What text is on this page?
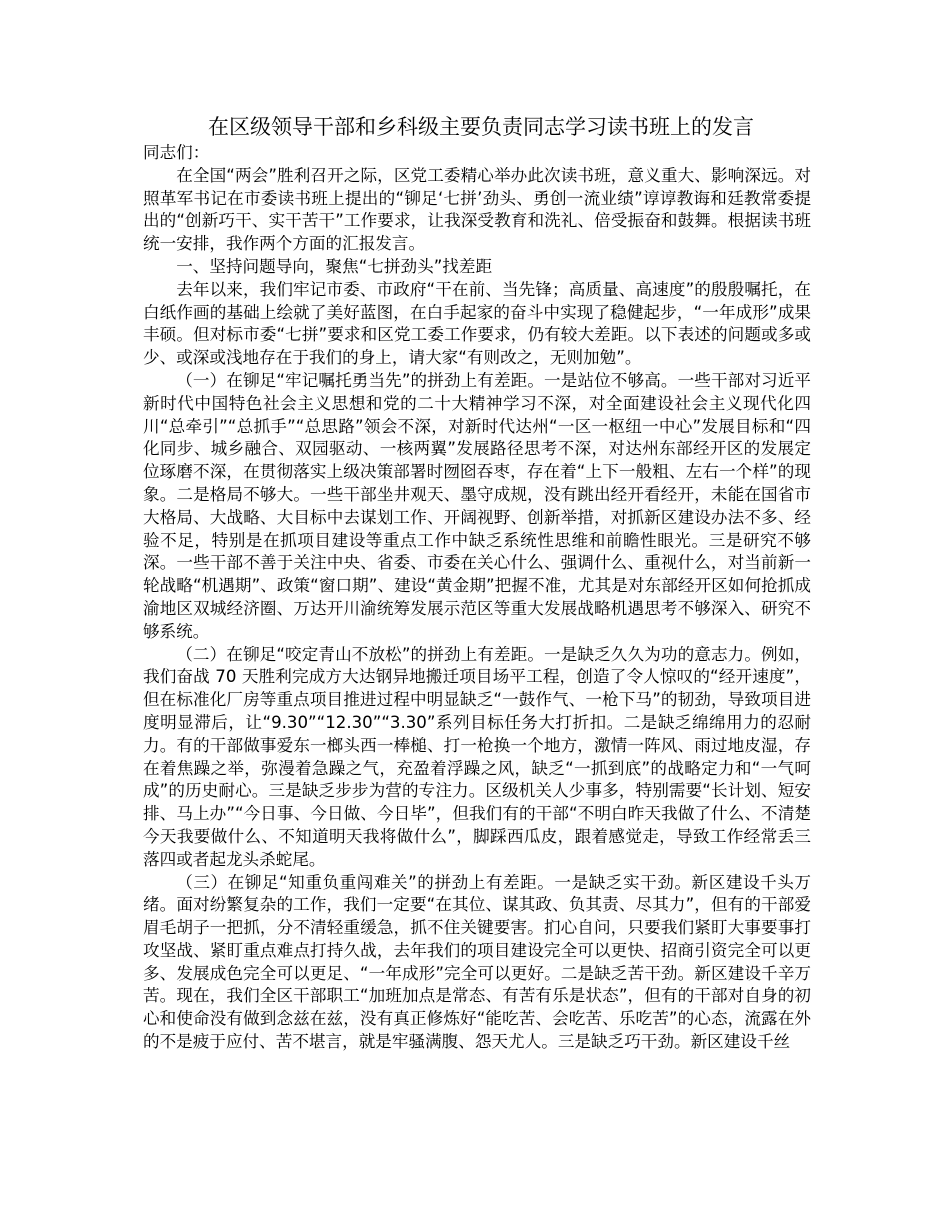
在区级领导干部和乡科级主要负责同志学习读书班上的发言

同志们：

在全国“两会”胜利召开之际，区党工委精心举办此次读书班，意义重大、影响深远。对照革军书记在市委读书班上提出的“铆足‘七拼’劲头、勇创一流业绩”谆谆教诲和廷教常委提出的“创新巧干、实干苦干”工作要求，让我深受教育和洗礼、倍受振奋和鼓舞。根据读书班统一安排，我作两个方面的汇报发言。

一、坚持问题导向，聚焦“七拼劲头”找差距

去年以来，我们牢记市委、市政府“干在前、当先锋；高质量、高速度”的殷殷嘱托，在白纸作画的基础上绘就了美好蓝图，在白手起家的奋斗中实现了稳健起步，“一年成形”成果丰硕。但对标市委“七拼”要求和区党工委工作要求，仍有较大差距。以下表述的问题或多或少、或深或浅地存在于我们的身上，请大家“有则改之，无则加勉”。

（一）在铆足“牢记嘱托勇当先”的拼劲上有差距。一是站位不够高。一些干部对习近平新时代中国特色社会主义思想和党的二十大精神学习不深，对全面建设社会主义现代化四川“总牵引”“总抓手”“总思路”领会不深，对新时代达州“一区一枢纽一中心”发展目标和“四化同步、城乡融合、双园驱动、一核两翼”发展路径思考不深，对达州东部经开区的发展定位琢磨不深，在贯彻落实上级决策部署时囫囵吞枣，存在着“上下一般粗、左右一个样”的现象。二是格局不够大。一些干部坐井观天、墨守成规，没有跳出经开看经开，未能在国省市大格局、大战略、大目标中去谋划工作、开阔视野、创新举措，对抓新区建设办法不多、经验不足，特别是在抓项目建设等重点工作中缺乏系统性思维和前瞻性眼光。三是研究不够深。一些干部不善于关注中央、省委、市委在关心什么、强调什么、重视什么，对当前新一轮战略“机遇期”、政策“窗口期”、建设“黄金期”把握不准，尤其是对东部经开区如何抢抓成渝地区双城经济圈、万达开川渝统筹发展示范区等重大发展战略机遇思考不够深入、研究不够系统。

（二）在铆足“咬定青山不放松”的拼劲上有差距。一是缺乏久久为功的意志力。例如，我们奋战 70 天胜利完成方大达钢异地搬迁项目场平工程，创造了令人惊叹的“经开速度”，但在标准化厂房等重点项目推进过程中明显缺乏“一鼓作气、一枪下马”的韧劲，导致项目进度明显滞后，让“9.30”“12.30”“3.30”系列目标任务大打折扣。二是缺乏绵绵用力的忍耐力。有的干部做事爱东一榔头西一棒槌、打一枪换一个地方，激情一阵风、雨过地皮湿，存在着焦躁之举，弥漫着急躁之气，充盈着浮躁之风，缺乏“一抓到底”的战略定力和“一气呵成”的历史耐心。三是缺乏步步为营的专注力。区级机关人少事多，特别需要“长计划、短安排、马上办”“今日事、今日做、今日毕”，但我们有的干部“不明白昨天我做了什么、不清楚今天我要做什么、不知道明天我将做什么”，脚踩西瓜皮，跟着感觉走，导致工作经常丢三落四或者起龙头杀蛇尾。

（三）在铆足“知重负重闯难关”的拼劲上有差距。一是缺乏实干劲。新区建设千头万绪。面对纷繁复杂的工作，我们一定要“在其位、谋其政、负其责、尽其力”，但有的干部爱眉毛胡子一把抓，分不清轻重缓急，抓不住关键要害。扪心自问，只要我们紧盯大事要事打攻坚战、紧盯重点难点打持久战，去年我们的项目建设完全可以更快、招商引资完全可以更多、发展成色完全可以更足、“一年成形”完全可以更好。二是缺乏苦干劲。新区建设千辛万苦。现在，我们全区干部职工“加班加点是常态、有苦有乐是状态”，但有的干部对自身的初心和使命没有做到念兹在兹，没有真正修炼好“能吃苦、会吃苦、乐吃苦”的心态，流露在外的不是疲于应付、苦不堪言，就是牢骚满腹、怨天尤人。三是缺乏巧干劲。新区建设千丝
